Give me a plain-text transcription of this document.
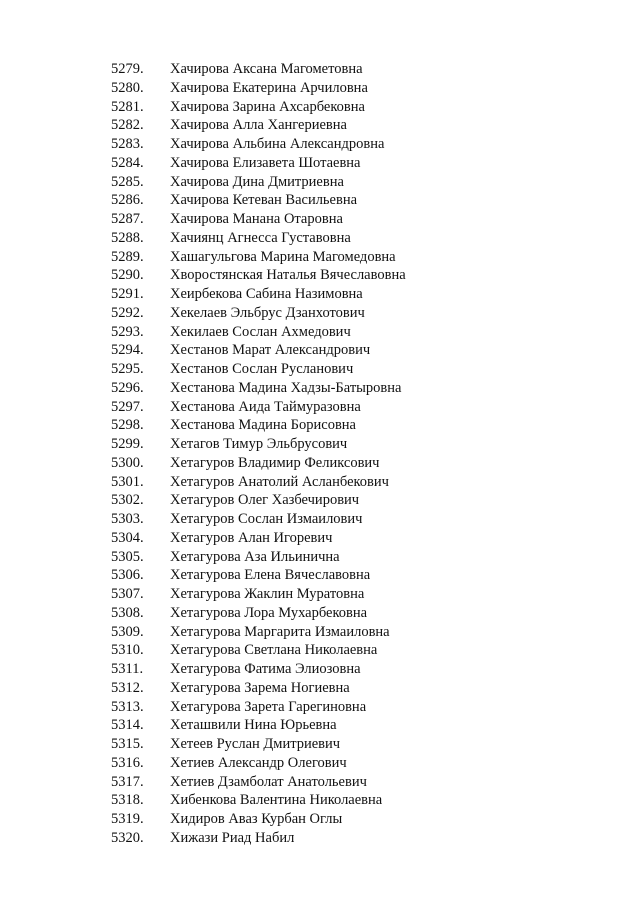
5279. Хачирова Аксана Магометовна
5280. Хачирова Екатерина Арчиловна
5281. Хачирова Зарина Ахсарбековна
5282. Хачирова Алла Хангериевна
5283. Хачирова Альбина Александровна
5284. Хачирова Елизавета Шотаевна
5285. Хачирова Дина Дмитриевна
5286. Хачирова Кетеван Васильевна
5287. Хачирова Манана Отаровна
5288. Хачиянц Агнесса Густавовна
5289. Хашагульгова Марина Магомедовна
5290. Хворостянская Наталья Вячеславовна
5291. Хеирбекова Сабина Назимовна
5292. Хекелаев Эльбрус Дзанхотович
5293. Хекилаев Сослан Ахмедович
5294. Хестанов Марат Александрович
5295. Хестанов Сослан Русланович
5296. Хестанова Мадина Хадзы-Батыровна
5297. Хестанова Аида Таймуразовна
5298. Хестанова Мадина Борисовна
5299. Хетагов Тимур Эльбрусович
5300. Хетагуров Владимир Феликсович
5301. Хетагуров Анатолий Асланбекович
5302. Хетагуров Олег Хазбечирович
5303. Хетагуров Сослан Измаилович
5304. Хетагуров Алан Игоревич
5305. Хетагурова Аза Ильинична
5306. Хетагурова Елена Вячеславовна
5307. Хетагурова Жаклин Муратовна
5308. Хетагурова Лора Мухарбековна
5309. Хетагурова Маргарита Измаиловна
5310. Хетагурова Светлана Николаевна
5311. Хетагурова Фатима Элиозовна
5312. Хетагурова Зарема Ногиевна
5313. Хетагурова Зарета Гарегиновна
5314. Хеташвили Нина Юрьевна
5315. Хетеев Руслан Дмитриевич
5316. Хетиев Александр Олегович
5317. Хетиев Дзамболат Анатольевич
5318. Хибенкова Валентина Николаевна
5319. Хидиров Аваз Курбан Оглы
5320. Хижази Риад Набил
